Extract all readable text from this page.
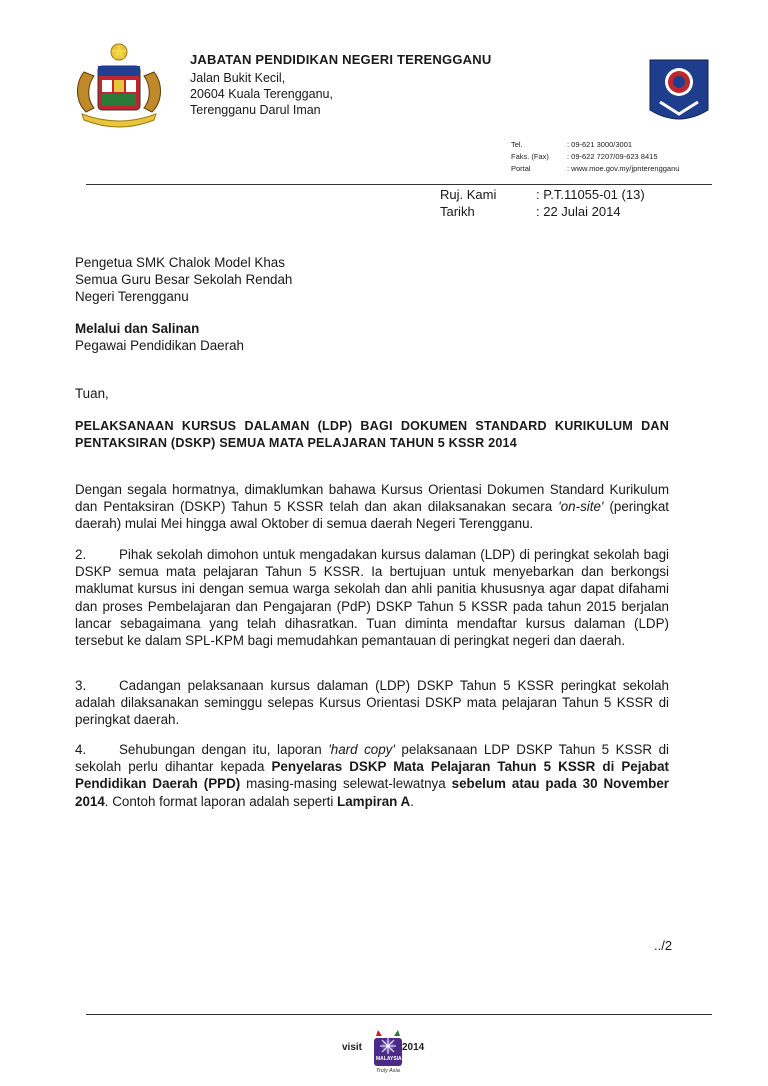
JABATAN PENDIDIKAN NEGERI TERENGGANU
Jalan Bukit Kecil,
20604 Kuala Terengganu,
Terengganu Darul Iman
Tel.	: 09-621 3000/3001
Faks. (Fax) : 09-622 7207/09-623 8415
Portal	: www.moe.gov.my/jpnterengganu
Ruj. Kami	: P.T.11055-01 (13)
Tarikh	: 22 Julai 2014
Pengetua SMK Chalok Model Khas
Semua Guru Besar Sekolah Rendah
Negeri Terengganu
Melalui dan Salinan
Pegawai Pendidikan Daerah
Tuan,
PELAKSANAAN KURSUS DALAMAN (LDP) BAGI DOKUMEN STANDARD KURIKULUM DAN PENTAKSIRAN (DSKP) SEMUA MATA PELAJARAN TAHUN 5 KSSR 2014
Dengan segala hormatnya, dimaklumkan bahawa Kursus Orientasi Dokumen Standard Kurikulum dan Pentaksiran (DSKP) Tahun 5 KSSR telah dan akan dilaksanakan secara 'on-site' (peringkat daerah) mulai Mei hingga awal Oktober di semua daerah Negeri Terengganu.
2. Pihak sekolah dimohon untuk mengadakan kursus dalaman (LDP) di peringkat sekolah bagi DSKP semua mata pelajaran Tahun 5 KSSR. Ia bertujuan untuk menyebarkan dan berkongsi maklumat kursus ini dengan semua warga sekolah dan ahli panitia khususnya agar dapat difahami dan proses Pembelajaran dan Pengajaran (PdP) DSKP Tahun 5 KSSR pada tahun 2015 berjalan lancar sebagaimana yang telah dihasratkan. Tuan diminta mendaftar kursus dalaman (LDP) tersebut ke dalam SPL-KPM bagi memudahkan pemantauan di peringkat negeri dan daerah.
3. Cadangan pelaksanaan kursus dalaman (LDP) DSKP Tahun 5 KSSR peringkat sekolah adalah dilaksanakan seminggu selepas Kursus Orientasi DSKP mata pelajaran Tahun 5 KSSR di peringkat daerah.
4. Sehubungan dengan itu, laporan 'hard copy' pelaksanaan LDP DSKP Tahun 5 KSSR di sekolah perlu dihantar kepada Penyelaras DSKP Mata Pelajaran Tahun 5 KSSR di Pejabat Pendidikan Daerah (PPD) masing-masing selewat-lewatnya sebelum atau pada 30 November 2014. Contoh format laporan adalah seperti Lampiran A.
../2
visit	2014
MALAYSIA
Truly Asia
